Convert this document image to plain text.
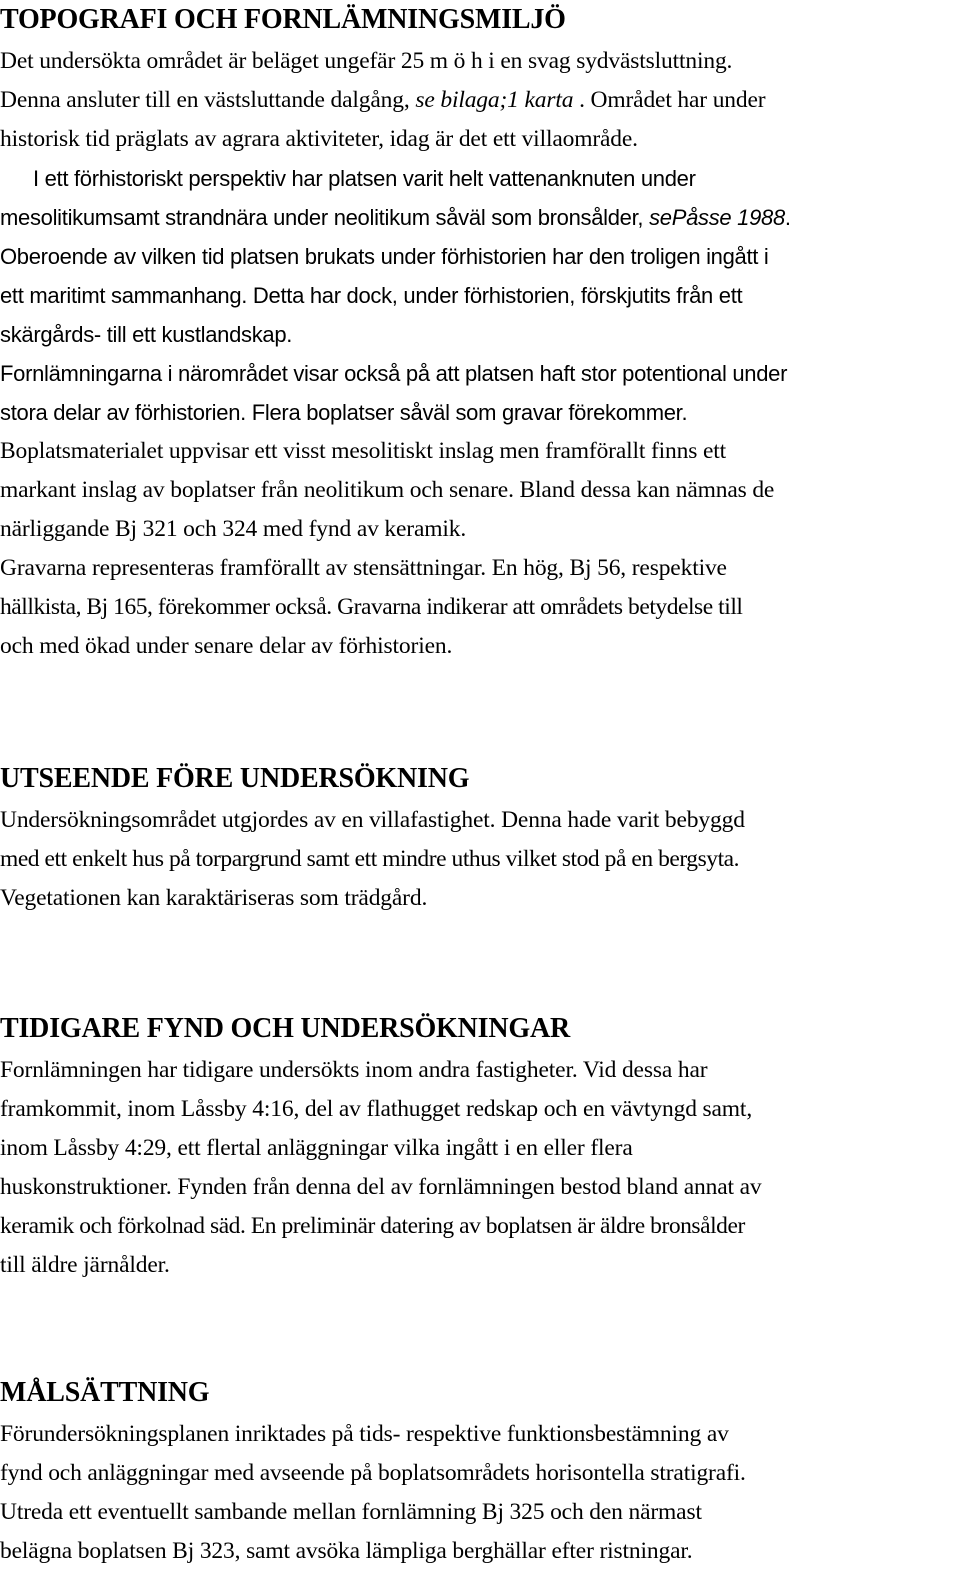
TOPOGRAFI OCH FORNLÄMNINGSMILJÖ
Det undersökta området är beläget ungefär 25 m ö h i en svag sydvästsluttning.
Denna ansluter till en västsluttande dalgång, se bilaga;1 karta . Området har under
historisk tid präglats av agrara aktiviteter, idag är det ett villaområde.
I ett förhistoriskt perspektiv har platsen varit helt vattenanknuten under
mesolitikumsamt strandnära under neolitikum såväl som bronsålder, sePåsse 1988.
Oberoende av vilken tid platsen brukats under förhistorien har den troligen ingått i
ett maritimt sammanhang. Detta har dock, under förhistorien, förskjutits från ett
skärgårds- till ett kustlandskap.
Fornlämningarna i närområdet visar också på att platsen haft stor potentional under
stora delar av förhistorien. Flera boplatser såväl som gravar förekommer.
Boplatsmaterialet uppvisar ett visst mesolitiskt inslag men framförallt finns ett
markant inslag av boplatser från neolitikum och senare. Bland dessa kan nämnas de
närliggande Bj 321 och 324 med fynd av keramik.
Gravarna representeras framförallt av stensättningar. En hög, Bj 56, respektive
hällkista, Bj 165, förekommer också. Gravarna indikerar att områdets betydelse till
och med ökad under senare delar av förhistorien.
UTSEENDE FÖRE UNDERSÖKNING
Undersökningsområdet utgjordes av en villafastighet. Denna hade varit bebyggd
med ett enkelt hus på torpargrund samt ett mindre uthus vilket stod på en bergsyta.
Vegetationen kan karaktäriseras som trädgård.
TIDIGARE FYND OCH UNDERSÖKNINGAR
Fornlämningen har tidigare undersökts inom andra fastigheter. Vid dessa har
framkommit, inom Låssby 4:16, del av flathugget redskap och en vävtyngd samt,
inom Låssby 4:29, ett flertal anläggningar vilka ingått i en eller flera
huskonstruktioner. Fynden från denna del av fornlämningen bestod bland annat av
keramik och förkolnad säd. En preliminär datering av boplatsen är äldre bronsålder
till äldre järnålder.
MÅLSÄTTNING
Förundersökningsplanen inriktades på tids- respektive funktionsbestämning av
fynd och anläggningar med avseende på boplatsområdets horisontella stratigrafi.
Utreda ett eventuellt sambande mellan fornlämning Bj 325 och den närmast
belägna boplatsen Bj 323, samt avsöka lämpliga berghällar efter ristningar.
